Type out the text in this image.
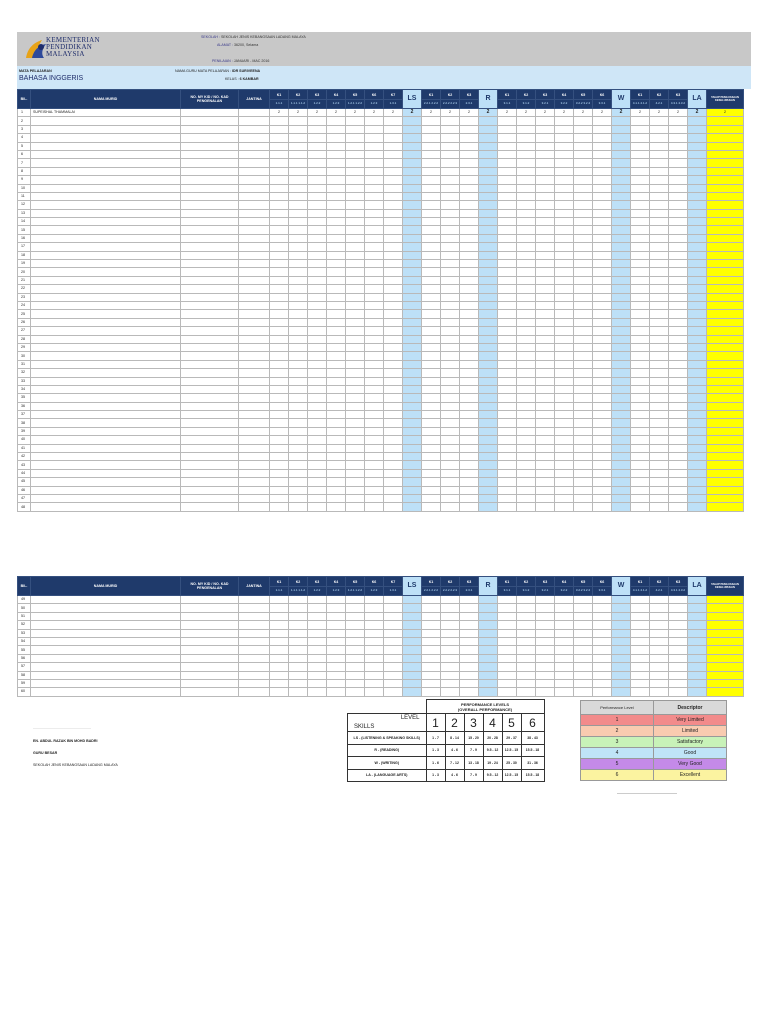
KEMENTERIAN
PENDIDIKAN
MALAYSIA
SEKOLAH : SEKOLAH JENIS KEBANGSAAN LADANG MALAYA
ALAMAT : 36200, Selama
PENILAIAN : JANUARI - MAC 2016
MATA PELAJARAN
BAHASA INGGERIS
NAMA GURU MATA PELAJARAN : IDR SURIVEENA
KELAS : 6 KAMBAR
BIL.	NAMA MURID	NO. MY KID / NO. KAD PENGENALAN	JANTINA	K1	K2	K3	K4	K5	K6	K7	LS	K1	K2	K3	R	K1	K2	K3	K4	K5	K6	W	K1	K2	K3	LA	TAHAP PENGUASAAN KESELURUHAN
				1.1.1	1.1.1 1.1.2	1.2.2	1.2.3	1.2.1 1.2.2	1.2.3	1.3.1		2.2.1 2.2.2	2.2.2 2.2.3	2.3.1		3.1.1	3.1.2	3.2.1	3.2.2	3.2.2 3.2.4	3.3.1		4.1.1 4.1.2	4.2.1	4.3.1 4.3.2		
1	SUPEISHAL THAMMALAI			2	2	2	2	2	2	2	2	2	2	2	2	2	2	2	2	2	2	2	2	2	2	2	2
2																											
3																											
4																											
5																											
6																											
7																											
8																											
9																											
10																											
11																											
12																											
13																											
14																											
15																											
16																											
17																											
18																											
19																											
20																											
21																											
22																											
23																											
24																											
25																											
26																											
27																											
28																											
29																											
30																											
31																											
32																											
33																											
34																											
35																											
36																											
37																											
38																											
39																											
40																											
41																											
42																											
43																											
44																											
45																											
46																											
47																											
48																											
BIL.	NAMA MURID	NO. MY KID / NO. KAD PENGENALAN	JANTINA	K1	K2	K3	K4	K5	K6	K7	LS	K1	K2	K3	R	K1	K2	K3	K4	K5	K6	W	K1	K2	K3	LA	TAHAP PENGUASAAN KESELURUHAN
				1.1.1	1.1.1 1.1.2	1.2.2	1.2.3	1.2.1 1.2.2	1.2.3	1.3.1		2.2.1 2.2.2	2.2.2 2.2.3	2.3.1		3.1.1	3.1.2	3.2.1	3.2.2	3.2.2 3.2.4	3.3.1		4.1.1 4.1.2	4.2.1	4.3.1 4.3.2		
49																											
50																											
51																											
52																											
53																											
54																											
55																											
56																											
57																											
58																											
59																											
60																											
..........................................................
EN. ABDUL RAZAK BIN MOHD BADRI
GURU BESAR
SEKOLAH JENIS KEBANGSAAN LADANG MALAYA

	PERFORMANCE LEVELS
(OVERALL PERFORMANCE)					

LEVEL
SKILLS	1	2	3	4	5	6
LS - (LISTENING & SPEAKING SKILLS)	1 - 7	8 - 14	15 - 20	20 - 28	29 - 37	38 - 43
R - (READING)	1 - 3	4 - 6	7 - 9	9.5 - 12	12.5 - 15	15.5 - 18
W - (WRITING)	1 - 6	7 - 12	13 - 18	19 - 24	25 - 30	31 - 36
LA - (LANGUAGE ARTS)	1 - 3	4 - 6	7 - 9	9.5 - 12	12.5 - 15	15.5 - 18
Performance Level	Descriptor
1	Very Limited
2	Limited
3	Satisfactory
4	Good
5	Very Good
6	Excellent
